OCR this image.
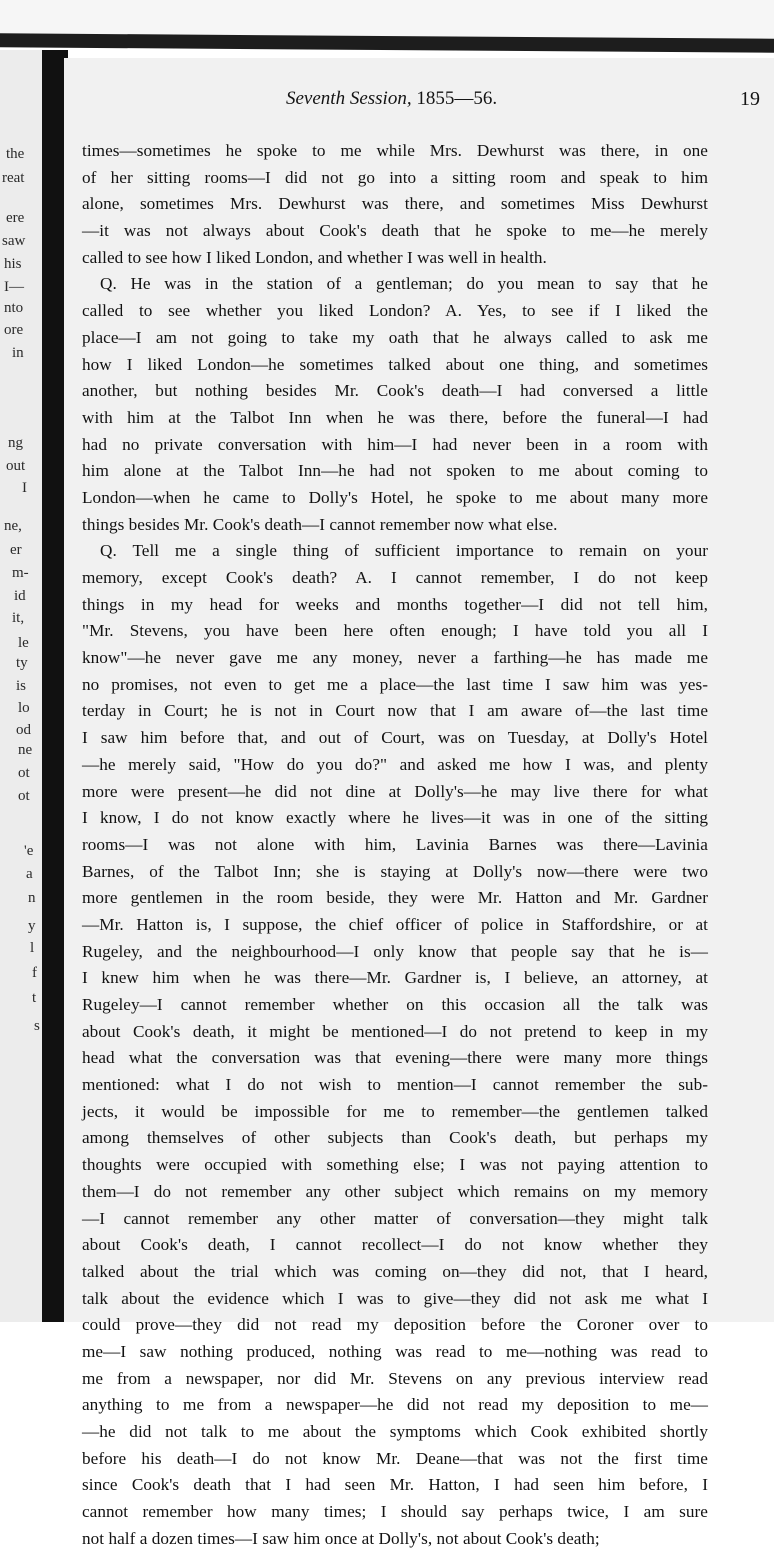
the
reat
ere
saw
his
I—
nto
ore
in
ng
out
I
ne,
er
m-
id
it,
le
ty
is
lo
od
ne
ot
ot
'e
a
n
y
l
f
t
s
Seventh Session, 1855—56.	19
times—sometimes he spoke to me while Mrs. Dewhurst was there, in one
of her sitting rooms—I did not go into a sitting room and speak to him
alone, sometimes Mrs. Dewhurst was there, and sometimes Miss Dewhurst
—it was not always about Cook's death that he spoke to me—he merely
called to see how I liked London, and whether I was well in health.
Q. He was in the station of a gentleman; do you mean to say that he
called to see whether you liked London? A. Yes, to see if I liked the
place—I am not going to take my oath that he always called to ask me
how I liked London—he sometimes talked about one thing, and sometimes
another, but nothing besides Mr. Cook's death—I had conversed a little
with him at the Talbot Inn when he was there, before the funeral—I had
had no private conversation with him—I had never been in a room with
him alone at the Talbot Inn—he had not spoken to me about coming to
London—when he came to Dolly's Hotel, he spoke to me about many more
things besides Mr. Cook's death—I cannot remember now what else.
Q. Tell me a single thing of sufficient importance to remain on your
memory, except Cook's death? A. I cannot remember, I do not keep
things in my head for weeks and months together—I did not tell him,
"Mr. Stevens, you have been here often enough; I have told you all I
know"—he never gave me any money, never a farthing—he has made me
no promises, not even to get me a place—the last time I saw him was yes-
terday in Court; he is not in Court now that I am aware of—the last time
I saw him before that, and out of Court, was on Tuesday, at Dolly's Hotel
—he merely said, "How do you do?" and asked me how I was, and plenty
more were present—he did not dine at Dolly's—he may live there for what
I know, I do not know exactly where he lives—it was in one of the sitting
rooms—I was not alone with him, Lavinia Barnes was there—Lavinia
Barnes, of the Talbot Inn; she is staying at Dolly's now—there were two
more gentlemen in the room beside, they were Mr. Hatton and Mr. Gardner
—Mr. Hatton is, I suppose, the chief officer of police in Staffordshire, or at
Rugeley, and the neighbourhood—I only know that people say that he is—
I knew him when he was there—Mr. Gardner is, I believe, an attorney, at
Rugeley—I cannot remember whether on this occasion all the talk was
about Cook's death, it might be mentioned—I do not pretend to keep in my
head what the conversation was that evening—there were many more things
mentioned: what I do not wish to mention—I cannot remember the sub-
jects, it would be impossible for me to remember—the gentlemen talked
among themselves of other subjects than Cook's death, but perhaps my
thoughts were occupied with something else; I was not paying attention to
them—I do not remember any other subject which remains on my memory
—I cannot remember any other matter of conversation—they might talk
about Cook's death, I cannot recollect—I do not know whether they
talked about the trial which was coming on—they did not, that I heard,
talk about the evidence which I was to give—they did not ask me what I
could prove—they did not read my deposition before the Coroner over to
me—I saw nothing produced, nothing was read to me—nothing was read to
me from a newspaper, nor did Mr. Stevens on any previous interview read
anything to me from a newspaper—he did not read my deposition to me—
—he did not talk to me about the symptoms which Cook exhibited shortly
before his death—I do not know Mr. Deane—that was not the first time
since Cook's death that I had seen Mr. Hatton, I had seen him before, I
cannot remember how many times; I should say perhaps twice, I am sure
not half a dozen times—I saw him once at Dolly's, not about Cook's death;
